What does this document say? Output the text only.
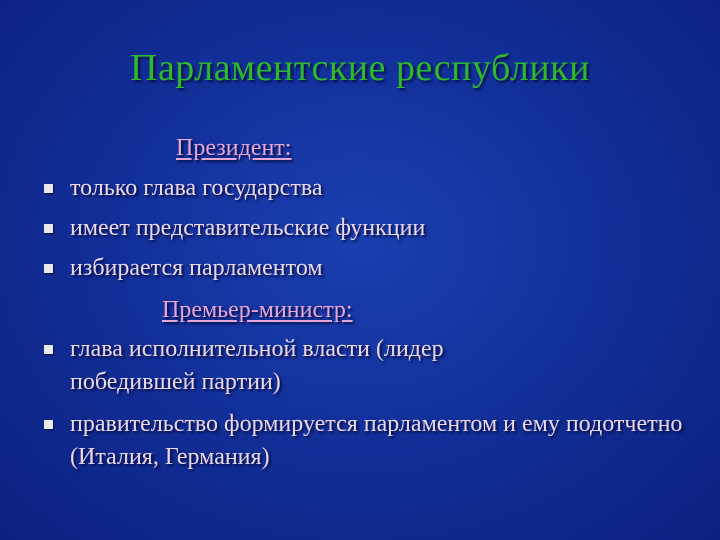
Парламентские республики
Президент:
только глава государства
имеет представительские функции
избирается парламентом
Премьер-министр:
глава исполнительной власти (лидер победившей партии)
правительство формируется парламентом и ему подотчетно (Италия, Германия)
